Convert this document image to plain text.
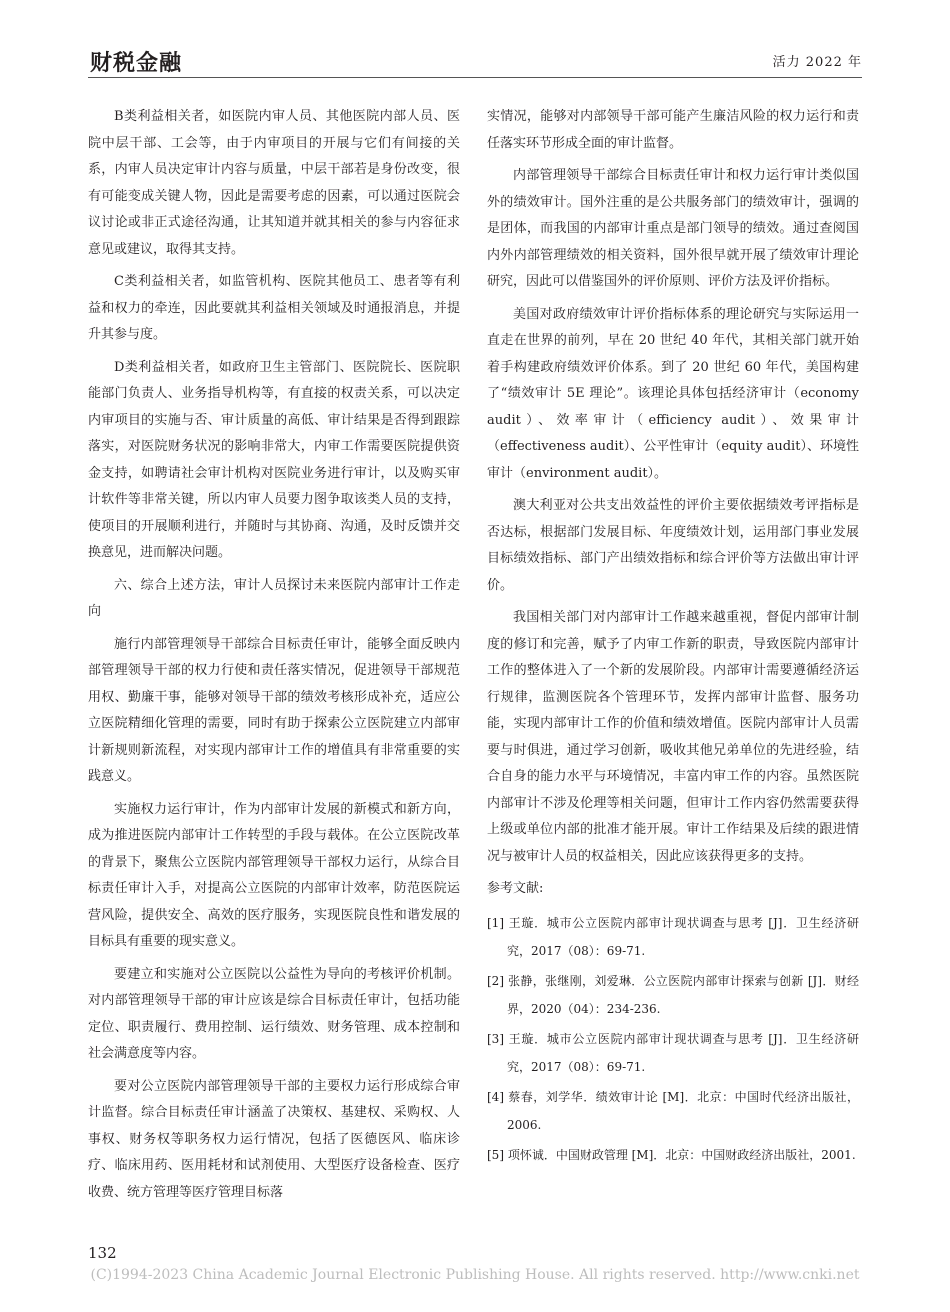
财税金融	活力 2022 年

B类利益相关者，如医院内审人员、其他医院内部人员、医院中层干部、工会等，由于内审项目的开展与它们有间接的关系，内审人员决定审计内容与质量，中层干部若是身份改变，很有可能变成关键人物，因此是需要考虑的因素，可以通过医院会议讨论或非正式途径沟通，让其知道并就其相关的参与内容征求意见或建议，取得其支持。

C类利益相关者，如监管机构、医院其他员工、患者等有利益和权力的牵连，因此要就其利益相关领域及时通报消息，并提升其参与度。

D类利益相关者，如政府卫生主管部门、医院院长、医院职能部门负责人、业务指导机构等，有直接的权责关系，可以决定内审项目的实施与否、审计质量的高低、审计结果是否得到跟踪落实，对医院财务状况的影响非常大，内审工作需要医院提供资金支持，如聘请社会审计机构对医院业务进行审计，以及购买审计软件等非常关键，所以内审人员要力图争取该类人员的支持，使项目的开展顺利进行，并随时与其协商、沟通，及时反馈并交换意见，进而解决问题。

六、综合上述方法，审计人员探讨未来医院内部审计工作走向

施行内部管理领导干部综合目标责任审计，能够全面反映内部管理领导干部的权力行使和责任落实情况，促进领导干部规范用权、勤廉干事，能够对领导干部的绩效考核形成补充，适应公立医院精细化管理的需要，同时有助于探索公立医院建立内部审计新规则新流程，对实现内部审计工作的增值具有非常重要的实践意义。

实施权力运行审计，作为内部审计发展的新模式和新方向，成为推进医院内部审计工作转型的手段与载体。在公立医院改革的背景下，聚焦公立医院内部管理领导干部权力运行，从综合目标责任审计入手，对提高公立医院的内部审计效率，防范医院运营风险，提供安全、高效的医疗服务，实现医院良性和谐发展的目标具有重要的现实意义。

要建立和实施对公立医院以公益性为导向的考核评价机制。对内部管理领导干部的审计应该是综合目标责任审计，包括功能定位、职责履行、费用控制、运行绩效、财务管理、成本控制和社会满意度等内容。

要对公立医院内部管理领导干部的主要权力运行形成综合审计监督。综合目标责任审计涵盖了决策权、基建权、采购权、人事权、财务权等职务权力运行情况，包括了医德医风、临床诊疗、临床用药、医用耗材和试剂使用、大型医疗设备检查、医疗收费、统方管理等医疗管理目标落

实情况，能够对内部领导干部可能产生廉洁风险的权力运行和责任落实环节形成全面的审计监督。

内部管理领导干部综合目标责任审计和权力运行审计类似国外的绩效审计。国外注重的是公共服务部门的绩效审计，强调的是团体，而我国的内部审计重点是部门领导的绩效。通过查阅国内外内部管理绩效的相关资料，国外很早就开展了绩效审计理论研究，因此可以借鉴国外的评价原则、评价方法及评价指标。

美国对政府绩效审计评价指标体系的理论研究与实际运用一直走在世界的前列，早在 20 世纪 40 年代，其相关部门就开始着手构建政府绩效评价体系。到了 20 世纪 60 年代，美国构建了“绩效审计 5E 理论”。该理论具体包括经济审计（economy audit）、效率审计（efficiency audit）、效果审计（effectiveness audit）、公平性审计（equity audit）、环境性审计（environment audit）。

澳大利亚对公共支出效益性的评价主要依据绩效考评指标是否达标，根据部门发展目标、年度绩效计划，运用部门事业发展目标绩效指标、部门产出绩效指标和综合评价等方法做出审计评价。

我国相关部门对内部审计工作越来越重视，督促内部审计制度的修订和完善，赋予了内审工作新的职责，导致医院内部审计工作的整体进入了一个新的发展阶段。内部审计需要遵循经济运行规律，监测医院各个管理环节，发挥内部审计监督、服务功能，实现内部审计工作的价值和绩效增值。医院内部审计人员需要与时俱进，通过学习创新，吸收其他兄弟单位的先进经验，结合自身的能力水平与环境情况，丰富内审工作的内容。虽然医院内部审计不涉及伦理等相关问题，但审计工作内容仍然需要获得上级或单位内部的批准才能开展。审计工作结果及后续的跟进情况与被审计人员的权益相关，因此应该获得更多的支持。

参考文献:
[1] 王璇．城市公立医院内部审计现状调查与思考 [J]．卫生经济研究，2017（08）：69-71.
[2] 张静，张继刚，刘爱琳．公立医院内部审计探索与创新 [J]．财经界，2020（04）：234-236.
[3] 王璇．城市公立医院内部审计现状调查与思考 [J]．卫生经济研究，2017（08）：69-71.
[4] 蔡春，刘学华．绩效审计论 [M]．北京：中国时代经济出版社，2006.
[5] 项怀诚．中国财政管理 [M]．北京：中国财政经济出版社，2001.
132
(C)1994-2023 China Academic Journal Electronic Publishing House. All rights reserved. http://www.cnki.net
